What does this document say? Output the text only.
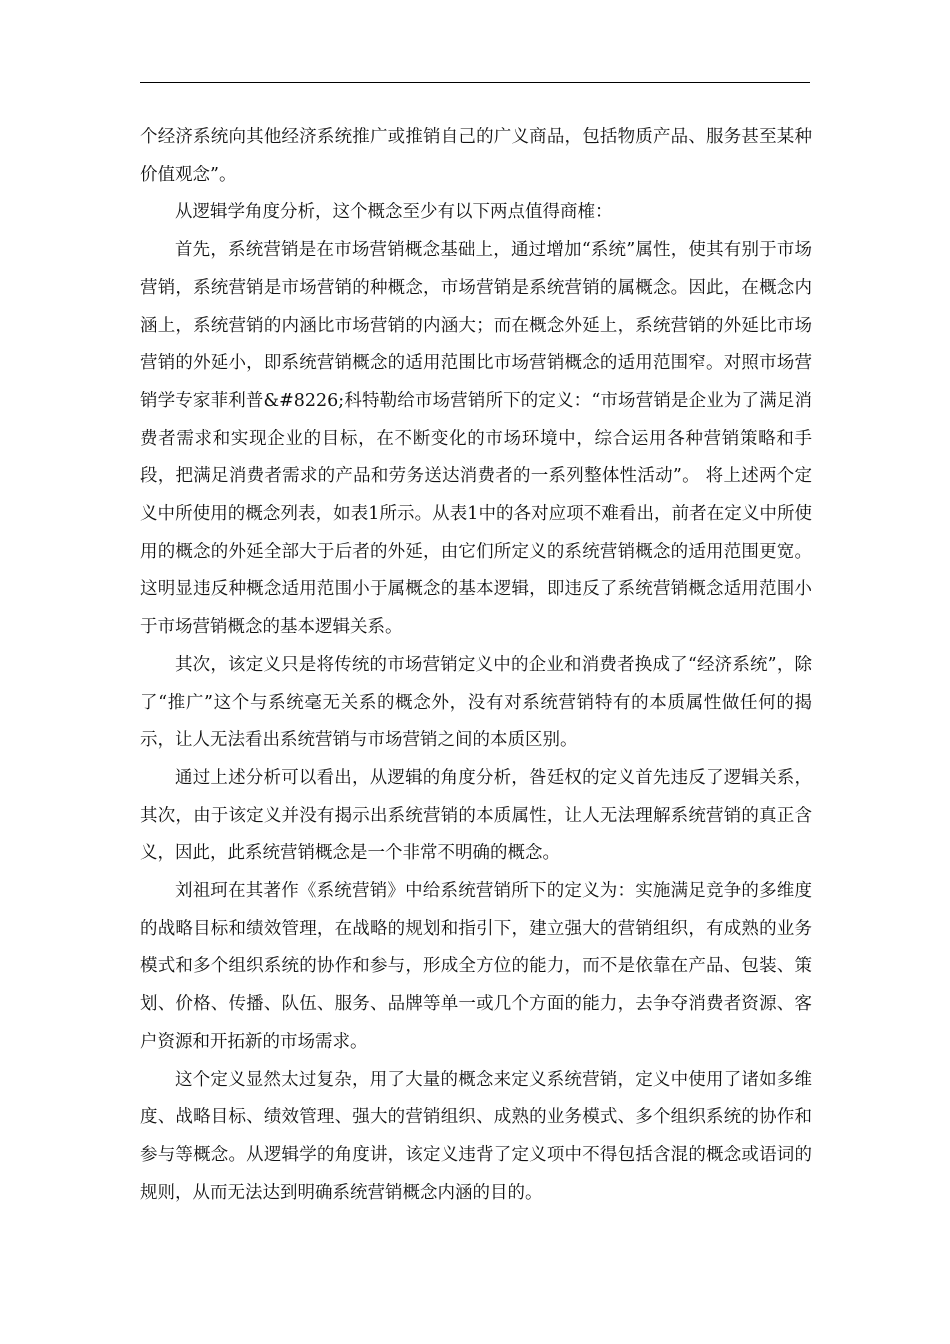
个经济系统向其他经济系统推广或推销自己的广义商品，包括物质产品、服务甚至某种价值观念”。

从逻辑学角度分析，这个概念至少有以下两点值得商榷：

首先，系统营销是在市场营销概念基础上，通过增加“系统”属性，使其有别于市场营销，系统营销是市场营销的种概念，市场营销是系统营销的属概念。因此，在概念内涵上，系统营销的内涵比市场营销的内涵大；而在概念外延上，系统营销的外延比市场营销的外延小，即系统营销概念的适用范围比市场营销概念的适用范围窄。对照市场营销学专家菲利普&#8226;科特勒给市场营销所下的定义：“市场营销是企业为了满足消费者需求和实现企业的目标，在不断变化的市场环境中，综合运用各种营销策略和手段，把满足消费者需求的产品和劳务送达消费者的一系列整体性活动”。 将上述两个定义中所使用的概念列表，如表1所示。从表1中的各对应项不难看出，前者在定义中所使用的概念的外延全部大于后者的外延，由它们所定义的系统营销概念的适用范围更宽。这明显违反种概念适用范围小于属概念的基本逻辑，即违反了系统营销概念适用范围小于市场营销概念的基本逻辑关系。

其次，该定义只是将传统的市场营销定义中的企业和消费者换成了“经济系统”，除了“推广”这个与系统毫无关系的概念外，没有对系统营销特有的本质属性做任何的揭示，让人无法看出系统营销与市场营销之间的本质区别。

通过上述分析可以看出，从逻辑的角度分析，昝廷权的定义首先违反了逻辑关系，其次，由于该定义并没有揭示出系统营销的本质属性，让人无法理解系统营销的真正含义，因此，此系统营销概念是一个非常不明确的概念。

刘祖珂在其著作《系统营销》中给系统营销所下的定义为：实施满足竞争的多维度的战略目标和绩效管理，在战略的规划和指引下，建立强大的营销组织，有成熟的业务模式和多个组织系统的协作和参与，形成全方位的能力，而不是依靠在产品、包装、策划、价格、传播、队伍、服务、品牌等单一或几个方面的能力，去争夺消费者资源、客户资源和开拓新的市场需求。

这个定义显然太过复杂，用了大量的概念来定义系统营销，定义中使用了诸如多维度、战略目标、绩效管理、强大的营销组织、成熟的业务模式、多个组织系统的协作和参与等概念。从逻辑学的角度讲，该定义违背了定义项中不得包括含混的概念或语词的规则，从而无法达到明确系统营销概念内涵的目的。
